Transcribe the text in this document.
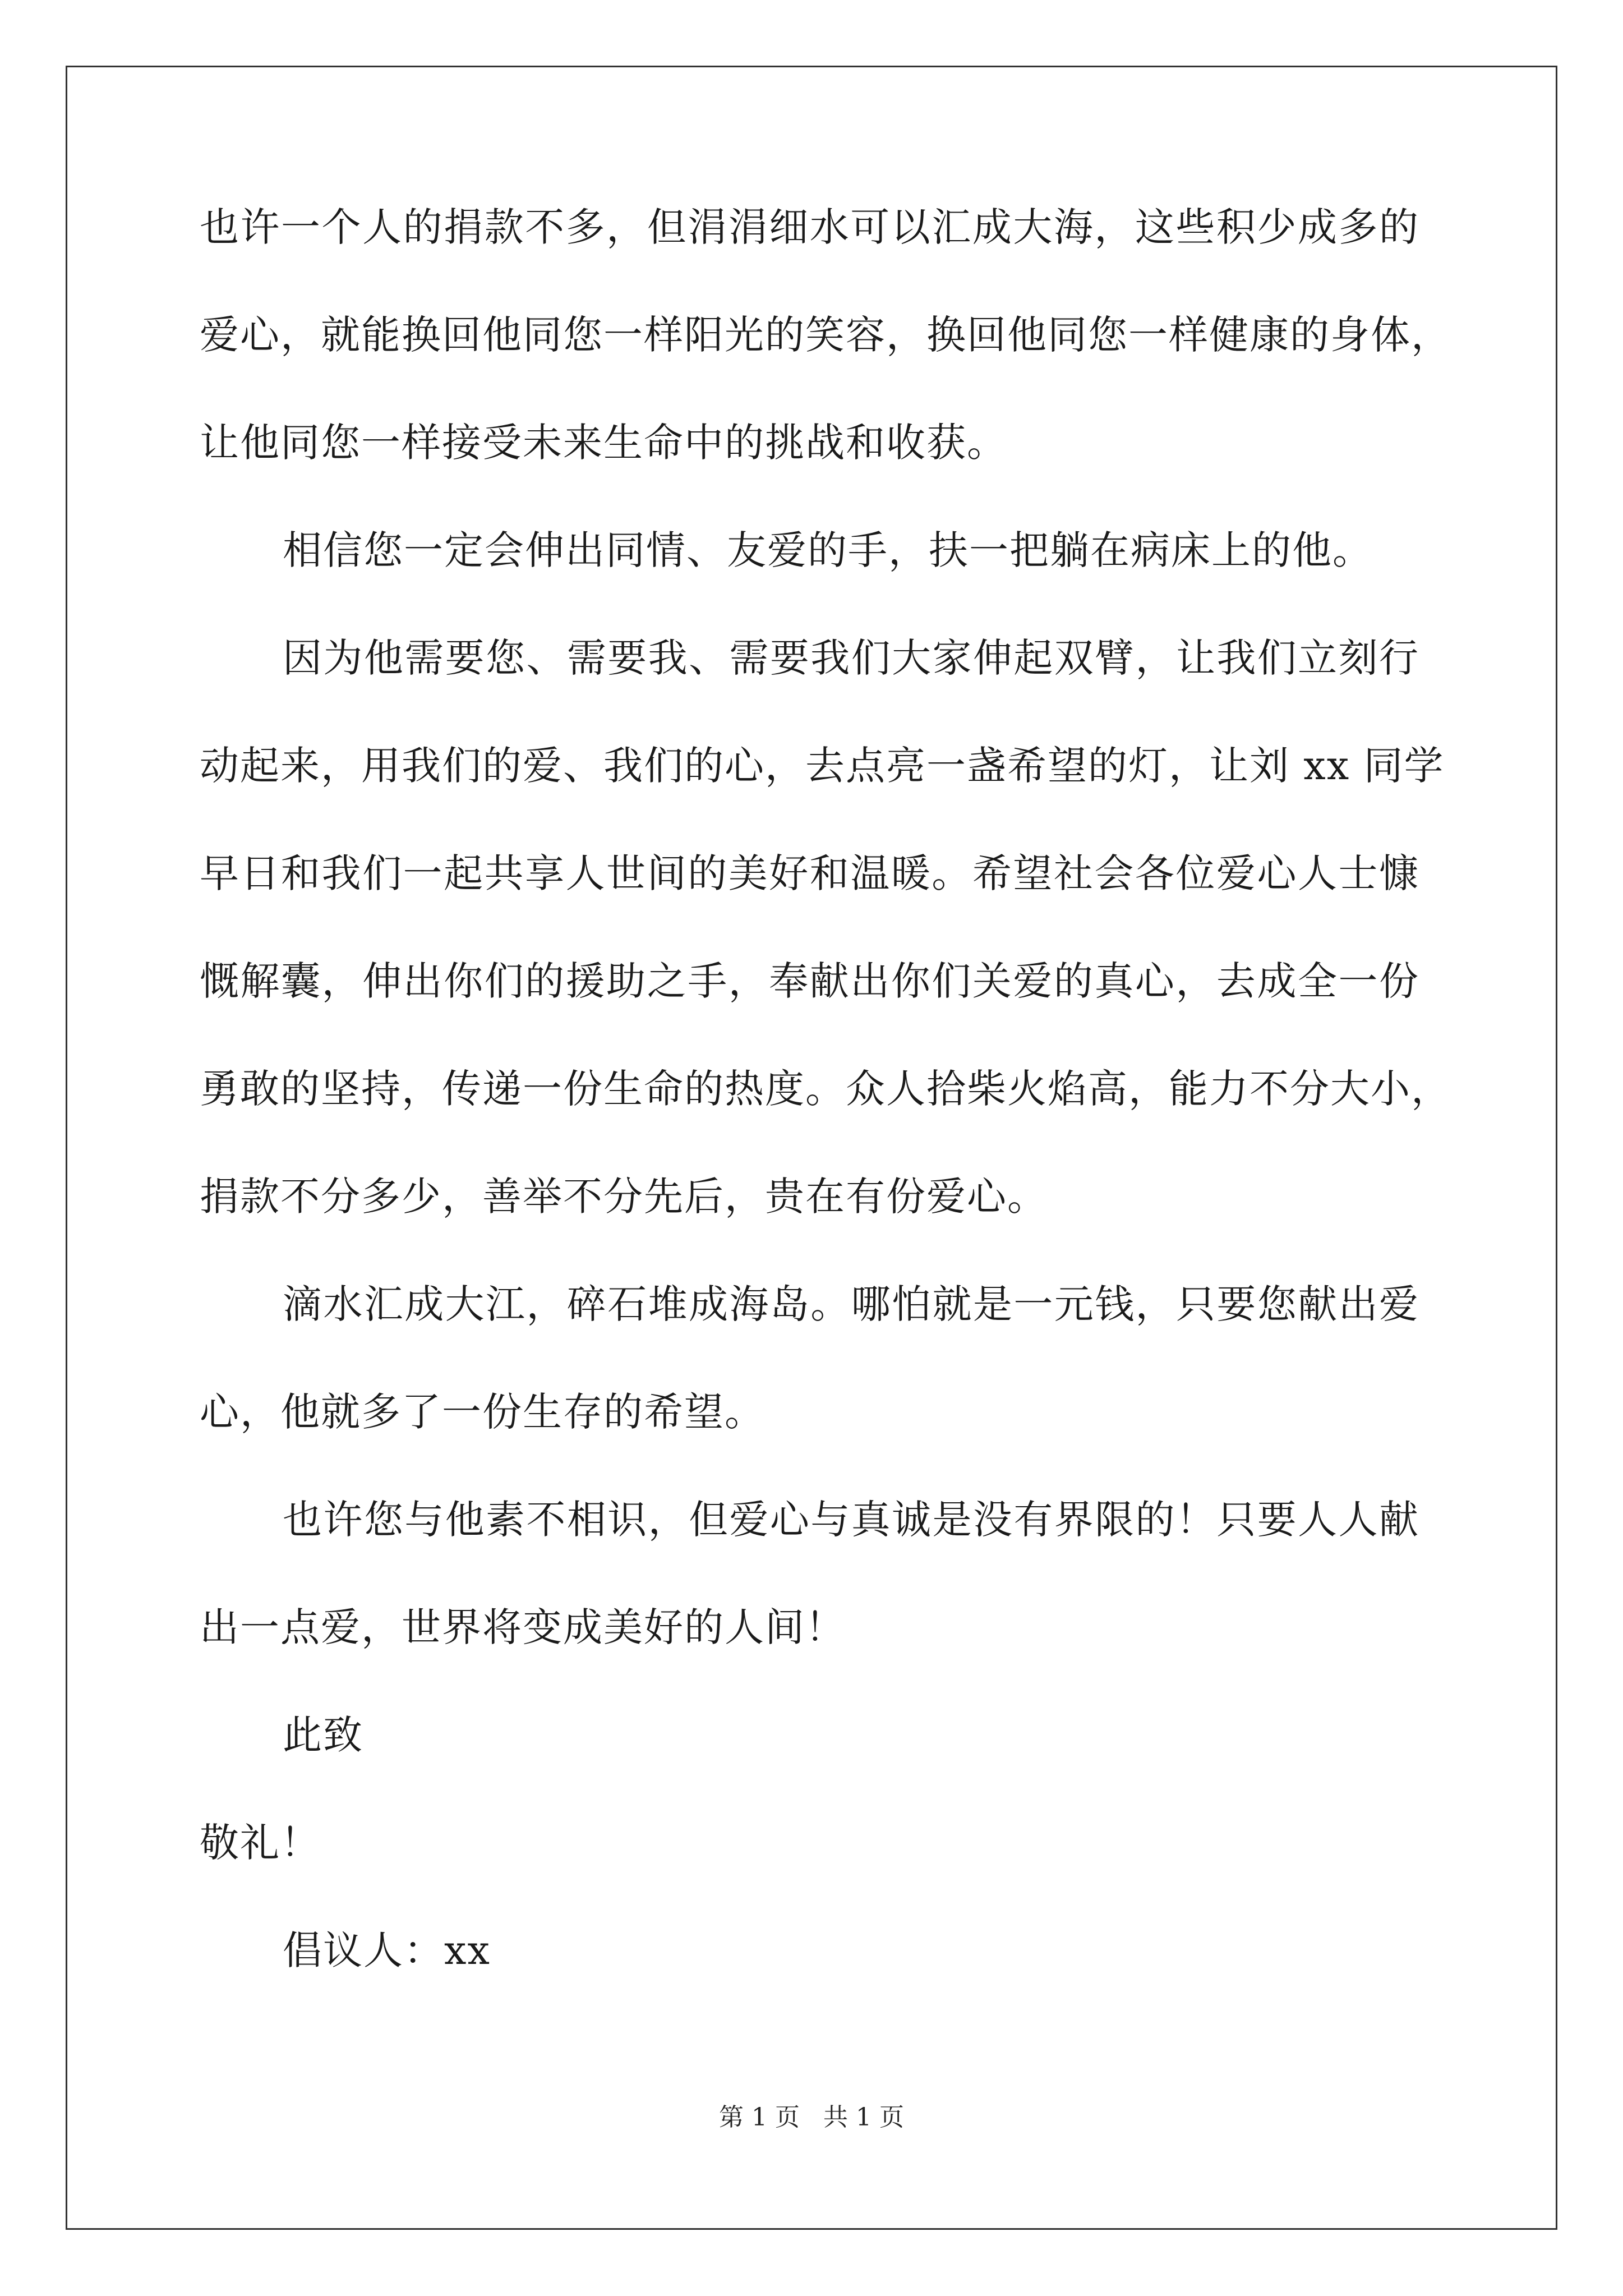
也许一个人的捐款不多，但涓涓细水可以汇成大海，这些积少成多的
爱心，就能换回他同您一样阳光的笑容，换回他同您一样健康的身体，
让他同您一样接受未来生命中的挑战和收获。
相信您一定会伸出同情、友爱的手，扶一把躺在病床上的他。
因为他需要您、需要我、需要我们大家伸起双臂，让我们立刻行
动起来，用我们的爱、我们的心，去点亮一盏希望的灯，让刘 xx 同学
早日和我们一起共享人世间的美好和温暖。希望社会各位爱心人士慷
慨解囊，伸出你们的援助之手，奉献出你们关爱的真心，去成全一份
勇敢的坚持，传递一份生命的热度。众人拾柴火焰高，能力不分大小，
捐款不分多少，善举不分先后，贵在有份爱心。
滴水汇成大江，碎石堆成海岛。哪怕就是一元钱，只要您献出爱
心，他就多了一份生存的希望。
也许您与他素不相识，但爱心与真诚是没有界限的！只要人人献
出一点爱，世界将变成美好的人间！
此致
敬礼！
倡议人：xx
第 1 页 共 1 页
